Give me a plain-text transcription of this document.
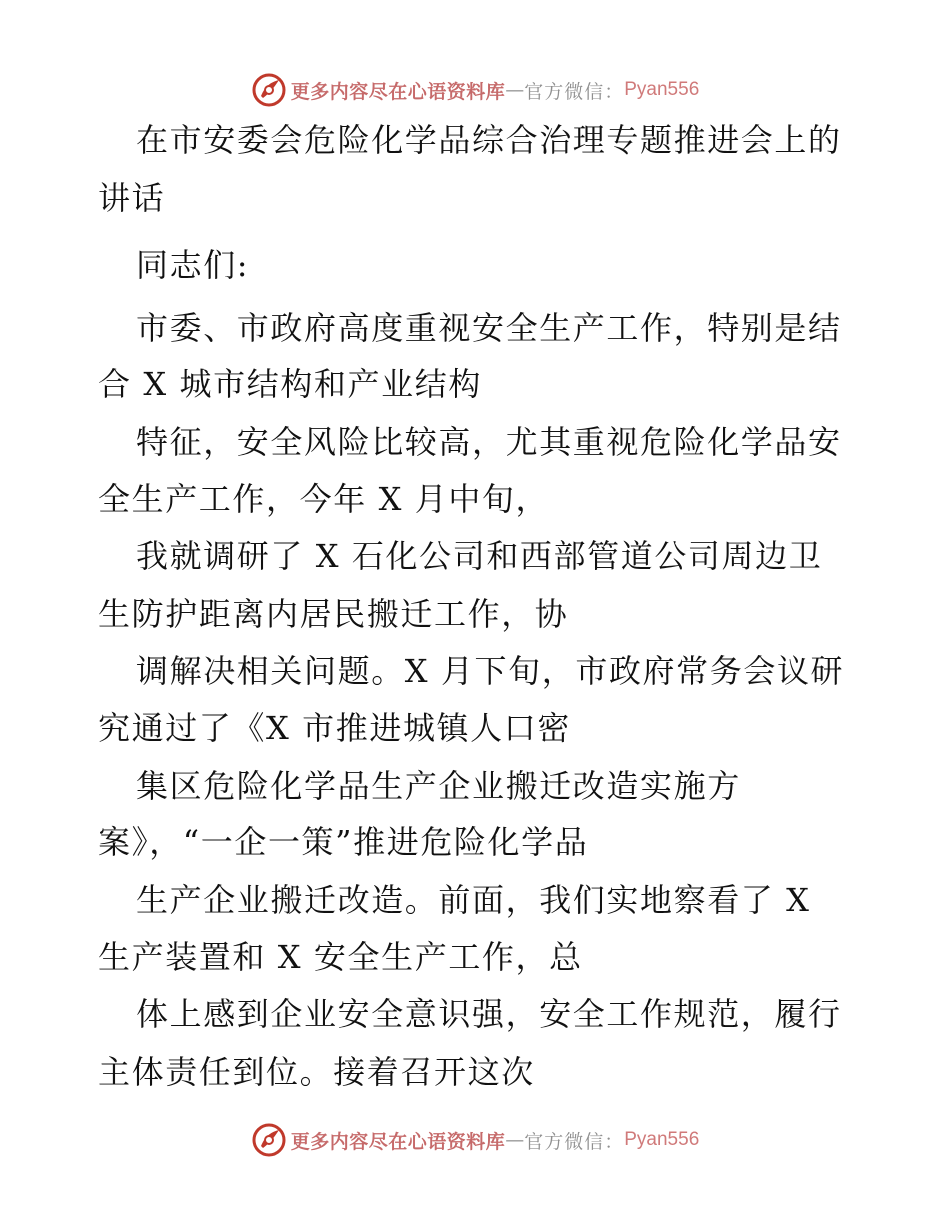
更多内容尽在心语资料库 — 官方微信： Pyan556
在市安委会危险化学品综合治理专题推进会上的
讲话
同志们:
市委、市政府高度重视安全生产工作，特别是结
合 X 城市结构和产业结构
特征，安全风险比较高，尤其重视危险化学品安
全生产工作，今年 X 月中旬，
我就调研了 X 石化公司和西部管道公司周边卫
生防护距离内居民搬迁工作，协
调解决相关问题。X 月下旬，市政府常务会议研
究通过了《X 市推进城镇人口密
集区危险化学品生产企业搬迁改造实施方
案》，“一企一策”推进危险化学品
生产企业搬迁改造。前面，我们实地察看了 X
生产装置和 X 安全生产工作，总
体上感到企业安全意识强，安全工作规范，履行
主体责任到位。接着召开这次
更多内容尽在心语资料库 — 官方微信： Pyan556
